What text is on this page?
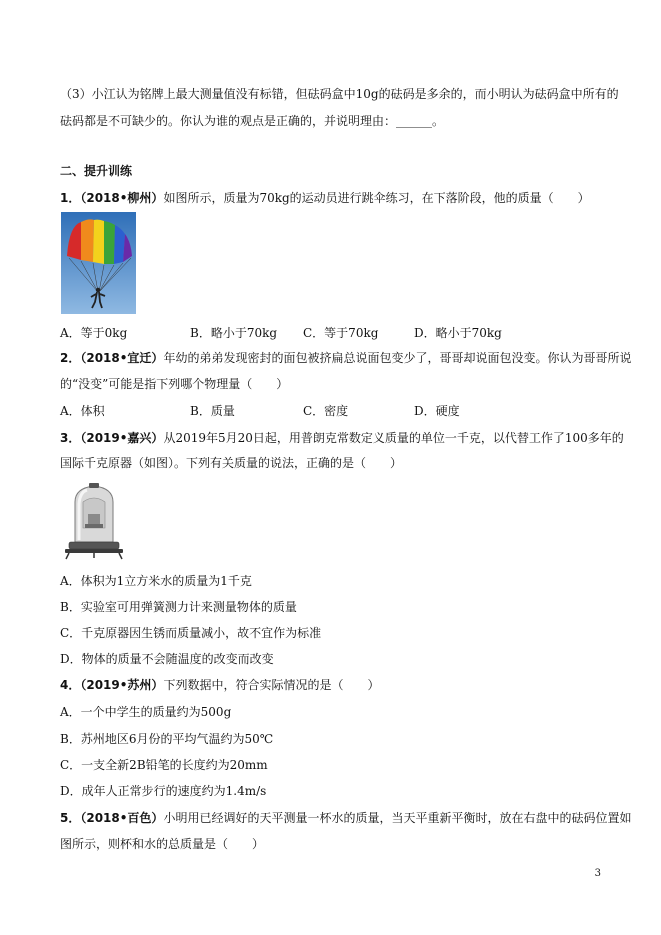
（3）小江认为铭牌上最大测量值没有标错，但砝码盒中10g的砝码是多余的，而小明认为砝码盒中所有的
砝码都是不可缺少的。你认为谁的观点是正确的，并说明理由：______。
二、提升训练
1．（2018•柳州）如图所示，质量为70kg的运动员进行跳伞练习，在下落阶段，他的质量（　　）
A．等于0kg	B．略小于70kg C．等于70kg	D．略小于70kg
2．（2018•宜迁）年幼的弟弟发现密封的面包被挤扁总说面包变少了，哥哥却说面包没变。你认为哥哥所说
的“没变”可能是指下列哪个物理量（　　）
A．体积	B．质量	C．密度	D．硬度
3．（2019•嘉兴）从2019年5月20日起，用普朗克常数定义质量的单位一千克，以代替工作了100多年的
国际千克原器（如图）。下列有关质量的说法，正确的是（　　）
A．体积为1立方米水的质量为1千克
B．实验室可用弹簧测力计来测量物体的质量
C．千克原器因生锈而质量减小，故不宜作为标准
D．物体的质量不会随温度的改变而改变
4．（2019•苏州）下列数据中，符合实际情况的是（　　）
A．一个中学生的质量约为500g
B．苏州地区6月份的平均气温约为50℃
C．一支全新2B铅笔的长度约为20mm
D．成年人正常步行的速度约为1.4m/s
5．（2018•百色）小明用已经调好的天平测量一杯水的质量，当天平重新平衡时，放在右盘中的砝码位置如
图所示，则杯和水的总质量是（　　）
3
